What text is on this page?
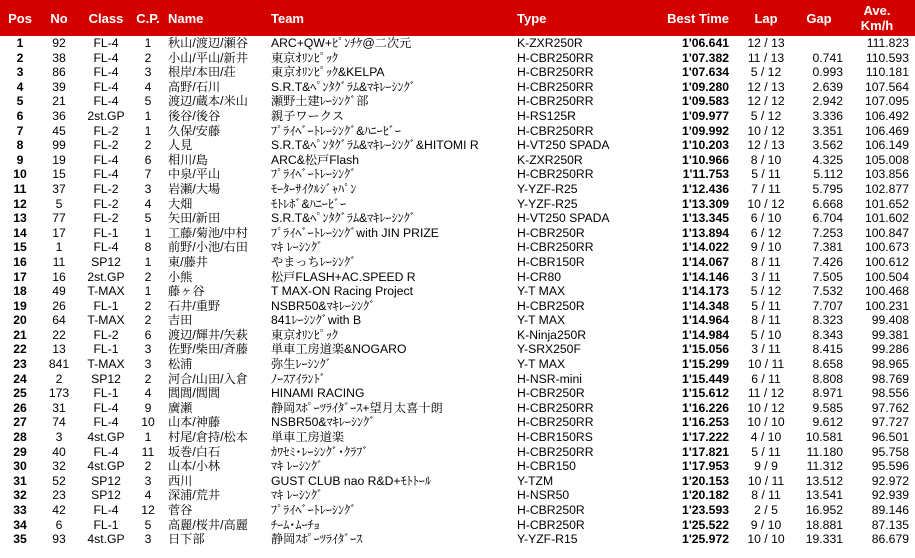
Pos	No	Class	C.P.	Name	Team	Type	Best Time	Lap	Gap	Ave.
Km/h

1	92	FL-4	1	秋山/渡辺/瀬谷	ARC+QW+ﾋﾟﾝﾁｹ@二次元	K-ZXR250R	1'06.641	12 / 13		111.823
2	38	FL-4	2	小山/平山/新井	東京ｵﾘﾝﾋﾟｯｸ	H-CBR250RR	1'07.382	11 / 13	0.741	110.593
3	86	FL-4	3	根岸/本田/荘	東京ｵﾘﾝﾋﾟｯｸ&KELPA	H-CBR250RR	1'07.634	5 / 12	0.993	110.181
4	39	FL-4	4	高野/石川	S.R.T&ﾍﾟﾝﾀｸﾞﾗﾑ&ﾏｷﾚｰｼﾝｸﾞ	H-CBR250RR	1'09.280	12 / 13	2.639	107.564
5	21	FL-4	5	渡辺/蔵本/米山	瀬野土建ﾚｰｼﾝｸﾞ部	H-CBR250RR	1'09.583	12 / 12	2.942	107.095
6	36	2st.GP	1	後谷/後谷	親子ワークス	H-RS125R	1'09.977	5 / 12	3.336	106.492
7	45	FL-2	1	久保/安藤	ﾌﾟﾗｲﾍﾞｰﾄﾚｰｼﾝｸﾞ&ﾊﾆｰﾋﾞｰ	H-CBR250RR	1'09.992	10 / 12	3.351	106.469
8	99	FL-2	2	人見	S.R.T&ﾍﾟﾝﾀｸﾞﾗﾑ&ﾏｷﾚｰｼﾝｸﾞ&HITOMI R	H-VT250 SPADA	1'10.203	12 / 13	3.562	106.149
9	19	FL-4	6	相川/島	ARC&松戸Flash	K-ZXR250R	1'10.966	8 / 10	4.325	105.008
10	15	FL-4	7	中泉/平山	ﾌﾟﾗｲﾍﾞｰﾄﾚｰｼﾝｸﾞ	H-CBR250RR	1'11.753	5 / 11	5.112	103.856
11	37	FL-2	3	岩瀬/大場	ﾓｰﾀｰｻｲｸﾙｼﾞｬﾊﾟﾝ	Y-YZF-R25	1'12.436	7 / 11	5.795	102.877
12	5	FL-2	4	大畑	ﾓﾄﾚﾎﾞ&ﾊﾆｰﾋﾞｰ	Y-YZF-R25	1'13.309	10 / 12	6.668	101.652
13	77	FL-2	5	矢田/新田	S.R.T&ﾍﾟﾝﾀｸﾞﾗﾑ&ﾏｷﾚｰｼﾝｸﾞ	H-VT250 SPADA	1'13.345	6 / 10	6.704	101.602
14	17	FL-1	1	工藤/菊池/中村	ﾌﾟﾗｲﾍﾞｰﾄﾚｰｼﾝｸﾞwith JIN PRIZE	H-CBR250R	1'13.894	6 / 12	7.253	100.847
15	1	FL-4	8	前野/小池/右田	ﾏｷ ﾚｰｼﾝｸﾞ	H-CBR250RR	1'14.022	9 / 10	7.381	100.673
16	11	SP12	1	東/藤井	やまっちﾚｰｼﾝｸﾞ	H-CBR150R	1'14.067	8 / 11	7.426	100.612
17	16	2st.GP	2	小熊	松戸FLASH+AC.SPEED R	H-CR80	1'14.146	3 / 11	7.505	100.504
18	49	T-MAX	1	藤ヶ谷	T MAX-ON Racing Project	Y-T MAX	1'14.173	5 / 12	7.532	100.468
19	26	FL-1	2	石井/重野	NSBR50&ﾏｷﾚｰｼﾝｸﾞ	H-CBR250R	1'14.348	5 / 11	7.707	100.231
20	64	T-MAX	2	吉田	841ﾚｰｼﾝｸﾞwith B	Y-T MAX	1'14.964	8 / 11	8.323	99.408
21	22	FL-2	6	渡辺/輝井/矢萩	東京ｵﾘﾝﾋﾟｯｸ	K-Ninja250R	1'14.984	5 / 10	8.343	99.381
22	13	FL-1	3	佐野/柴田/斉藤	単車工房道楽&NOGARO	Y-SRX250F	1'15.056	3 / 11	8.415	99.286
23	841	T-MAX	3	松浦	弥生ﾚｰｼﾝｸﾞ	Y-T MAX	1'15.299	10 / 11	8.658	98.965
24	2	SP12	2	河合/山田/入倉	ﾉｰｽｱｲﾗﾝﾄﾞ	H-NSR-mini	1'15.449	6 / 11	8.808	98.769
25	173	FL-1	4	閭閭/閭閭	HINAMI RACING	H-CBR250R	1'15.612	11 / 12	8.971	98.556
26	31	FL-4	9	廣瀬	静岡ｽﾎﾟｰﾂﾗｲﾀﾞｰｽ+望月太喜十朗	H-CBR250RR	1'16.226	10 / 12	9.585	97.762
27	74	FL-4	10	山本/神藤	NSBR50&ﾏｷﾚｰｼﾝｸﾞ	H-CBR250RR	1'16.253	10 / 10	9.612	97.727
28	3	4st.GP	1	村尾/倉持/松本	単車工房道楽	H-CBR150RS	1'17.222	4 / 10	10.581	96.501
29	40	FL-4	11	坂巻/白石	ｶﾜｾﾐ･ﾚｰｼﾝｸﾞ･ｸﾗﾌﾞ	H-CBR250RR	1'17.821	5 / 11	11.180	95.758
30	32	4st.GP	2	山本/小林	ﾏｷ ﾚｰｼﾝｸﾞ	H-CBR150	1'17.953	9 / 9	11.312	95.596
31	52	SP12	3	西川	GUST CLUB nao R&D+ﾓﾄﾄｰﾙ	Y-TZM	1'20.153	10 / 11	13.512	92.972
32	23	SP12	4	深浦/荒井	ﾏｷ ﾚｰｼﾝｸﾞ	H-NSR50	1'20.182	8 / 11	13.541	92.939
33	42	FL-4	12	菅谷	ﾌﾟﾗｲﾍﾞｰﾄﾚｰｼﾝｸﾞ	H-CBR250R	1'23.593	2 / 5	16.952	89.146
34	6	FL-1	5	高麗/桜井/高麗	ﾁｰﾑ･ﾑｰﾁｮ	H-CBR250R	1'25.522	9 / 10	18.881	87.135
35	93	4st.GP	3	日下部	静岡ｽﾎﾟｰﾂﾗｲﾀﾞｰｽ	Y-YZF-R15	1'25.972	10 / 10	19.331	86.679
